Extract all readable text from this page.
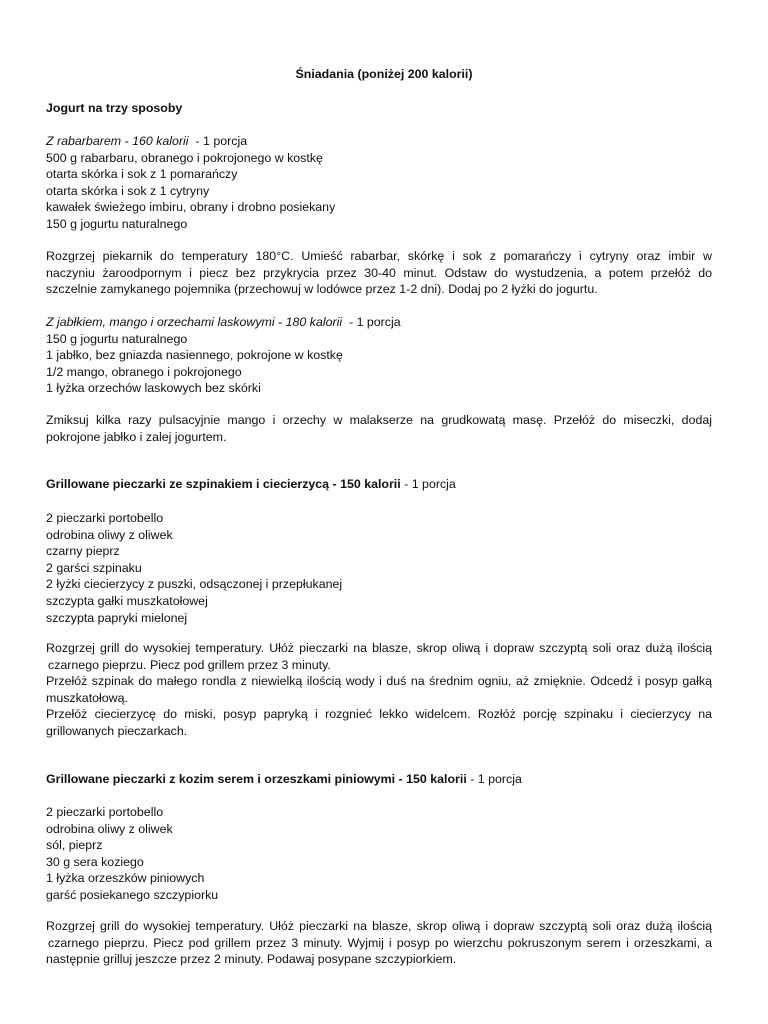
Śniadania (poniżej 200 kalorii)
Jogurt na trzy sposoby
Z rabarbarem - 160 kalorii  - 1 porcja
500 g rabarbaru, obranego i pokrojonego w kostkę
otarta skórka i sok z 1 pomarańczy
otarta skórka i sok z 1 cytryny
kawałek świeżego imbiru, obrany i drobno posiekany
150 g jogurtu naturalnego
Rozgrzej piekarnik do temperatury 180°C. Umieść rabarbar, skórkę i sok z pomarańczy i cytryny oraz imbir w
naczyniu żaroodpornym i piecz bez przykrycia przez 30-40 minut. Odstaw do wystudzenia, a potem przełóż do
szczelnie zamykanego pojemnika (przechowuj w lodówce przez 1-2 dni). Dodaj po 2 łyżki do jogurtu.
Z jabłkiem, mango i orzechami laskowymi - 180 kalorii  - 1 porcja
150 g jogurtu naturalnego
1 jabłko, bez gniazda nasiennego, pokrojone w kostkę
1/2 mango, obranego i pokrojonego
1 łyżka orzechów laskowych bez skórki
Zmiksuj kilka razy pulsacyjnie mango i orzechy w malakserze na grudkowatą masę. Przełóż do miseczki, dodaj
pokrojone jabłko i zalej jogurtem.
Grillowane pieczarki ze szpinakiem i ciecierzycą - 150 kalorii - 1 porcja
2 pieczarki portobello
odrobina oliwy z oliwek
czarny pieprz
2 garści szpinaku
2 łyżki ciecierzycy z puszki, odsączonej i przepłukanej
szczypta gałki muszkatołowej
szczypta papryki mielonej
Rozgrzej grill do wysokiej temperatury. Ułóż pieczarki na blasze, skrop oliwą i dopraw szczyptą soli oraz dużą ilością
czarnego pieprzu. Piecz pod grillem przez 3 minuty.
Przełóż szpinak do małego rondla z niewielką ilością wody i duś na średnim ogniu, aż zmięknie. Odcedź i posyp gałką
muszkatołową.
Przełóż ciecierzycę do miski, posyp papryką i rozgnieć lekko widelcem. Rozłóż porcję szpinaku i ciecierzycy na
grillowanych pieczarkach.
Grillowane pieczarki z kozim serem i orzeszkami piniowymi - 150 kalorii - 1 porcja
2 pieczarki portobello
odrobina oliwy z oliwek
sól, pieprz
30 g sera koziego
1 łyżka orzeszków piniowych
garść posiekanego szczypiorku
Rozgrzej grill do wysokiej temperatury. Ułóż pieczarki na blasze, skrop oliwą i dopraw szczyptą soli oraz dużą ilością
czarnego pieprzu. Piecz pod grillem przez 3 minuty. Wyjmij i posyp po wierzchu pokruszonym serem i orzeszkami, a
następnie grilluj jeszcze przez 2 minuty. Podawaj posypane szczypiorkiem.
